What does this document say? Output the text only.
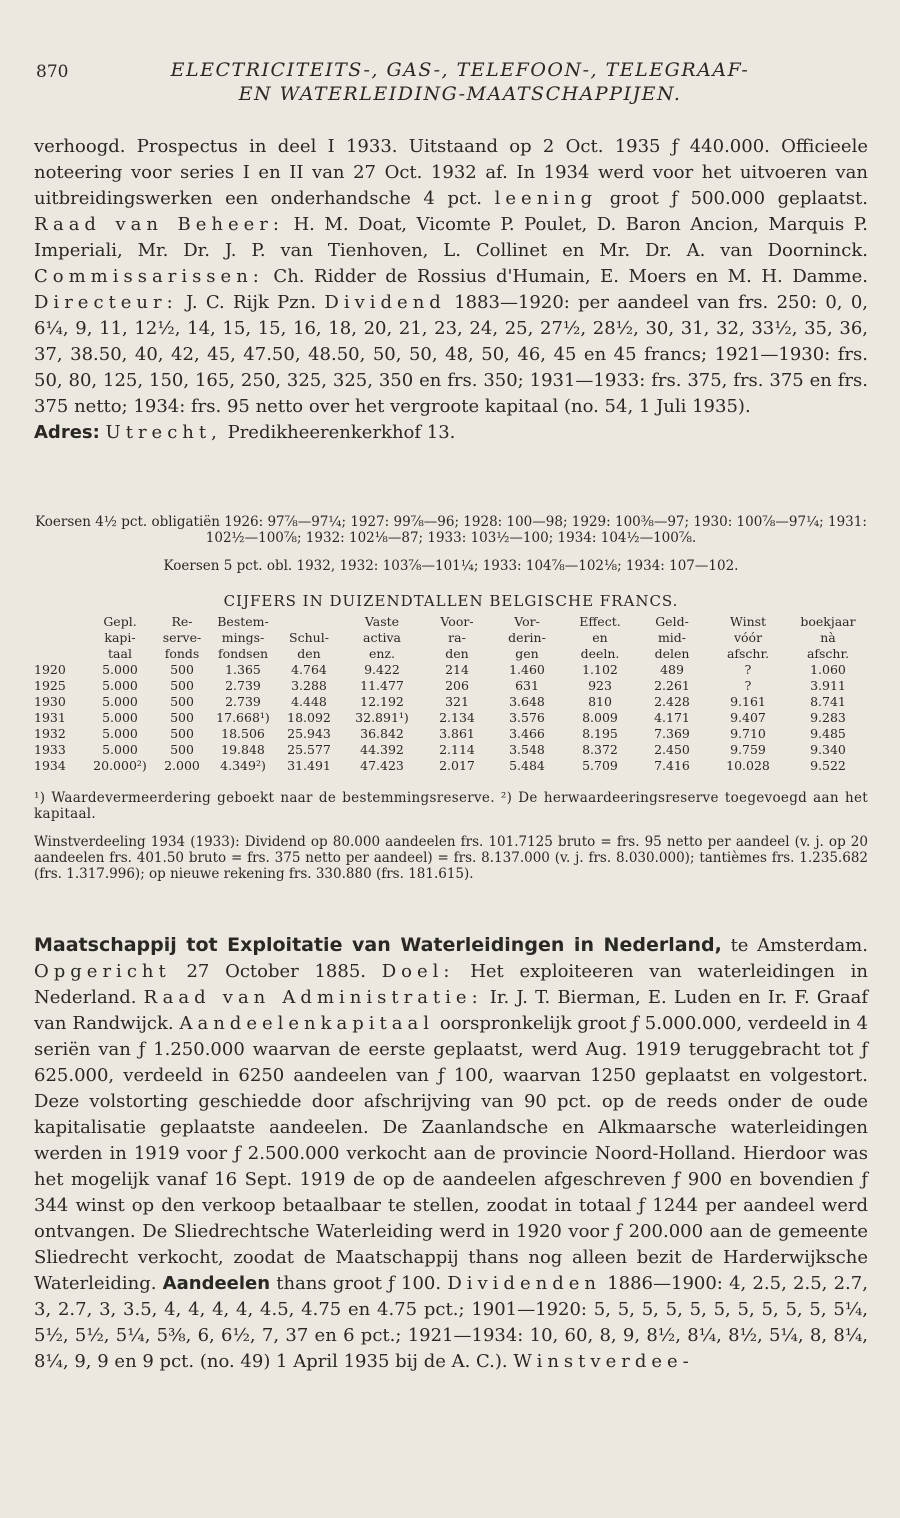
870	ELECTRICITEITS-, GAS-, TELEFOON-, TELEGRAAF-
EN WATERLEIDING-MAATSCHAPPIJEN.
verhoogd. Prospectus in deel I 1933. Uitstaand op 2 Oct. 1935 ƒ 440.000. Officieele noteering voor series I en II van 27 Oct. 1932 af. In 1934 werd voor het uitvoeren van uitbreidingswerken een onderhandsche 4 pct. leening groot ƒ 500.000 geplaatst. Raad van Beheer: H. M. Doat, Vicomte P. Poulet, D. Baron Ancion, Marquis P. Imperiali, Mr. Dr. J. P. van Tienhoven, L. Collinet en Mr. Dr. A. van Doorninck. Commissarissen: Ch. Ridder de Rossius d'Humain, E. Moers en M. H. Damme. Directeur: J. C. Rijk Pzn. Dividend 1883—1920: per aandeel van frs. 250: 0, 0, 6¼, 9, 11, 12½, 14, 15, 15, 16, 18, 20, 21, 23, 24, 25, 27½, 28½, 30, 31, 32, 33½, 35, 36, 37, 38.50, 40, 42, 45, 47.50, 48.50, 50, 50, 48, 50, 46, 45 en 45 francs; 1921—1930: frs. 50, 80, 125, 150, 165, 250, 325, 325, 350 en frs. 350; 1931—1933: frs. 375, frs. 375 en frs. 375 netto; 1934: frs. 95 netto over het vergroote kapitaal (no. 54, 1 Juli 1935).
Adres: Utrecht, Predikheerenkerkhof 13.
Koersen 4½ pct. obligatiën 1926: 97⅞—97¼; 1927: 99⅞—96; 1928: 100—98; 1929: 100⅜—97; 1930: 100⅞—97¼; 1931: 102½—100⅞; 1932: 102⅛—87; 1933: 103½—100; 1934: 104½—100⅞.
Koersen 5 pct. obl. 1932, 1932: 103⅞—101¼; 1933: 104⅞—102⅛; 1934: 107—102.
CIJFERS IN DUIZENDTALLEN BELGISCHE FRANCS.
	Gepl.	Re-	Bestem-		Vaste	Voor-	Vor-	Effect.	Geld-	Winst	boekjaar
	kapi-	serve-	mings-	Schul-	activa	ra-	derin-	en	mid-	vóór	nà
	taal	fonds	fondsen	den	enz.	den	gen	deeln.	delen	afschr.	afschr.
1920	5.000	500	1.365	4.764	9.422	214	1.460	1.102	489	?	1.060
1925	5.000	500	2.739	3.288	11.477	206	631	923	2.261	?	3.911
1930	5.000	500	2.739	4.448	12.192	321	3.648	810	2.428	9.161	8.741
1931	5.000	500	17.668¹)	18.092	32.891¹)	2.134	3.576	8.009	4.171	9.407	9.283
1932	5.000	500	18.506	25.943	36.842	3.861	3.466	8.195	7.369	9.710	9.485
1933	5.000	500	19.848	25.577	44.392	2.114	3.548	8.372	2.450	9.759	9.340
1934	20.000²)	2.000	4.349²)	31.491	47.423	2.017	5.484	5.709	7.416	10.028	9.522
¹) Waardevermeerdering geboekt naar de bestemmingsreserve. ²) De herwaardeeringsreserve toegevoegd aan het kapitaal.
Winstverdeeling 1934 (1933): Dividend op 80.000 aandeelen frs. 101.7125 bruto = frs. 95 netto per aandeel (v. j. op 20 aandeelen frs. 401.50 bruto = frs. 375 netto per aandeel) = frs. 8.137.000 (v. j. frs. 8.030.000); tantièmes frs. 1.235.682 (frs. 1.317.996); op nieuwe rekening frs. 330.880 (frs. 181.615).
Maatschappij tot Exploitatie van Waterleidingen in Nederland, te Amsterdam. Opgericht 27 October 1885. Doel: Het exploiteeren van waterleidingen in Nederland. Raad van Administratie: Ir. J. T. Bierman, E. Luden en Ir. F. Graaf van Randwijck. Aandeelenkapitaal oorspronkelijk groot ƒ 5.000.000, verdeeld in 4 seriën van ƒ 1.250.000 waarvan de eerste geplaatst, werd Aug. 1919 teruggebracht tot ƒ 625.000, verdeeld in 6250 aandeelen van ƒ 100, waarvan 1250 geplaatst en volgestort. Deze volstorting geschiedde door afschrijving van 90 pct. op de reeds onder de oude kapitalisatie geplaatste aandeelen. De Zaanlandsche en Alkmaarsche waterleidingen werden in 1919 voor ƒ 2.500.000 verkocht aan de provincie Noord-Holland. Hierdoor was het mogelijk vanaf 16 Sept. 1919 de op de aandeelen afgeschreven ƒ 900 en bovendien ƒ 344 winst op den verkoop betaalbaar te stellen, zoodat in totaal ƒ 1244 per aandeel werd ontvangen. De Sliedrechtsche Waterleiding werd in 1920 voor ƒ 200.000 aan de gemeente Sliedrecht verkocht, zoodat de Maatschappij thans nog alleen bezit de Harderwijksche Waterleiding. Aandeelen thans groot ƒ 100. Dividenden 1886—1900: 4, 2.5, 2.5, 2.7, 3, 2.7, 3, 3.5, 4, 4, 4, 4, 4.5, 4.75 en 4.75 pct.; 1901—1920: 5, 5, 5, 5, 5, 5, 5, 5, 5, 5, 5¼, 5½, 5½, 5¼, 5⅜, 6, 6½, 7, 37 en 6 pct.; 1921—1934: 10, 60, 8, 9, 8½, 8¼, 8½, 5¼, 8, 8¼, 8¼, 9, 9 en 9 pct. (no. 49) 1 April 1935 bij de A. C.). Winstverdee-
